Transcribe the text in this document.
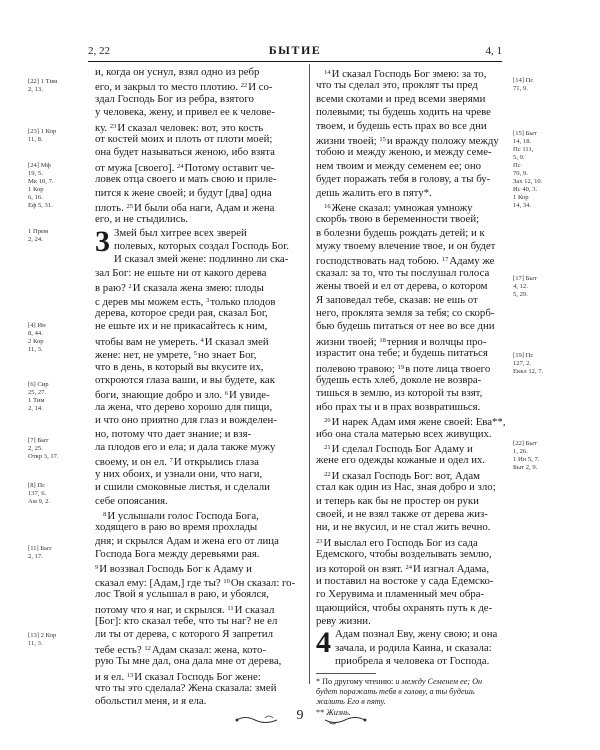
2, 22	БЫТИЕ	4, 1
и, когда он уснул, взял одно из ребр
его, и закрыл то место плотию. $^{22}$И со-
здал Господь Бог из ребра, взятого
у человека, жену, и привел ее к челове-
ку. $^{23}$И сказал человек: вот, это кость
от костей моих и плоть от плоти моей;
она будет называться женою, ибо взята
от мужа [своего]. $^{24}$Потому оставит че-
ловек отца своего и мать свою и приле-
пится к жене своей; и будут [два] одна
плоть. $^{25}$И были оба наги, Адам и жена
его, и не стыдились.
3 Змей был хитрее всех зверей
полевых, которых создал Господь Бог.
И сказал змей жене: подлинно ли ска-
зал Бог: не ешьте ни от какого дерева
в раю? $^2$И сказала жена змею: плоды
с дерев мы можем есть, $^3$только плодов
дерева, которое среди рая, сказал Бог,
не ешьте их и не прикасайтесь к ним,
чтобы вам не умереть. $^4$И сказал змей
жене: нет, не умрете, $^5$но знает Бог,
что в день, в который вы вкусите их,
откроются глаза ваши, и вы будете, как
боги, знающие добро и зло. $^6$И увиде-
ла жена, что дерево хорошо для пищи,
и что оно приятно для глаз и вожделен-
но, потому что дает знание; и взя-
ла плодов его и ела; и дала также мужу
своему, и он ел. $^7$И открылись глаза
у них обоих, и узнали они, что наги,
и сшили смоковные листья, и сделали
себе опоясания.
$^8$И услышали голос Господа Бога,
ходящего в раю во время прохлады
дня; и скрылся Адам и жена его от лица
Господа Бога между деревьями рая.
$^9$И воззвал Господь Бог к Адаму и
сказал ему: [Адам,] где ты? $^{10}$Он сказал: го-
лос Твой я услышал в раю, и убоялся,
потому что я наг, и скрылся. $^{11}$И сказал
[Бог]: кто сказал тебе, что ты наг? не ел
ли ты от дерева, с которого Я запретил
тебе есть? $^{12}$Адам сказал: жена, кото-
рую Ты мне дал, она дала мне от дерева,
и я ел. $^{13}$И сказал Господь Бог жене:
что ты это сделала? Жена сказала: змей
обольстил меня, и я ела.
$^{14}$И сказал Господь Бог змею: за то,
что ты сделал это, проклят ты пред
всеми скотами и пред всеми зверями
полевыми; ты будешь ходить на чреве
твоем, и будешь есть прах во все дни
жизни твоей; $^{15}$и вражду положу между
тобою и между женою, и между семе-
нем твоим и между семенем ее; оно
будет поражать тебя в голову, а ты бу-
дешь жалить его в пяту*.
$^{16}$Жене сказал: умножая умножу
скорбь твою в беременности твоей;
в болезни будешь рождать детей; и к
мужу твоему влечение твое, и он будет
господствовать над тобою. $^{17}$Адаму же
сказал: за то, что ты послушал голоса
жены твоей и ел от дерева, о котором
Я заповедал тебе, сказав: не ешь от
него, проклята земля за тебя; со скорб-
бью будешь питаться от нее во все дни
жизни твоей; $^{18}$терния и волчцы про-
израстит она тебе; и будешь питаться
полевою травою; $^{19}$в поте лица твоего
будешь есть хлеб, доколе не возвра-
тишься в землю, из которой ты взят,
ибо прах ты и в прах возвратишься.
$^{20}$И нарек Адам имя жене своей: Ева**,
ибо она стала матерью всех живущих.
$^{21}$И сделал Господь Бог Адаму и
жене его одежды кожаные и одел их.
$^{22}$И сказал Господь Бог: вот, Адам
стал как один из Нас, зная добро и зло;
и теперь как бы не простер он руки
своей, и не взял также от дерева жиз-
ни, и не вкусил, и не стал жить вечно.
$^{23}$И выслал его Господь Бог из сада
Едемского, чтобы возделывать землю,
из которой он взят. $^{24}$И изгнал Адама,
и поставил на востоке у сада Едемско-
го Херувима и пламенный меч обра-
щающийся, чтобы охранять путь к де-
реву жизни.
4 Адам познал Еву, жену свою; и она
зачала, и родила Каина, и сказала:
приобрела я человека от Господа.
* По другому чтению: и между Семенем ее; Он
будет поражать тебя в голову, а ты будешь
жалить Его в пяту.
** Жизнь.
[22] 1 Тим
2, 13.
[23] 1 Кор
11, 8.
[24] Мф
19, 5.
Мк 10, 7.
1 Кор
6, 16.
Еф 5, 31.
1 Прем
2, 24.
[4] Ин
8, 44.
2 Кор
11, 3.
[6] Сир
25, 27.
1 Тим
2, 14.
[7] Быт
2, 25.
Откр 3, 17.
[8] Пс
137, 6.
Ам 9, 2.
[11] Быт
2, 17.
[13] 2 Кор
11, 3.
[14] Пс
71, 9.
[15] Быт
14, 18.
Пс 111,
5, 9.
Пс
70, 9.
Зах 12, 10.
Ис 40, 3.
1 Кор
14, 34.
[17] Быт
4, 12.
5, 29.
[19] Пс
127, 2.
Еккл 12, 7.
[22] Быт
1, 26.
1 Ин 5, 7.
Быт 2, 9.
9
